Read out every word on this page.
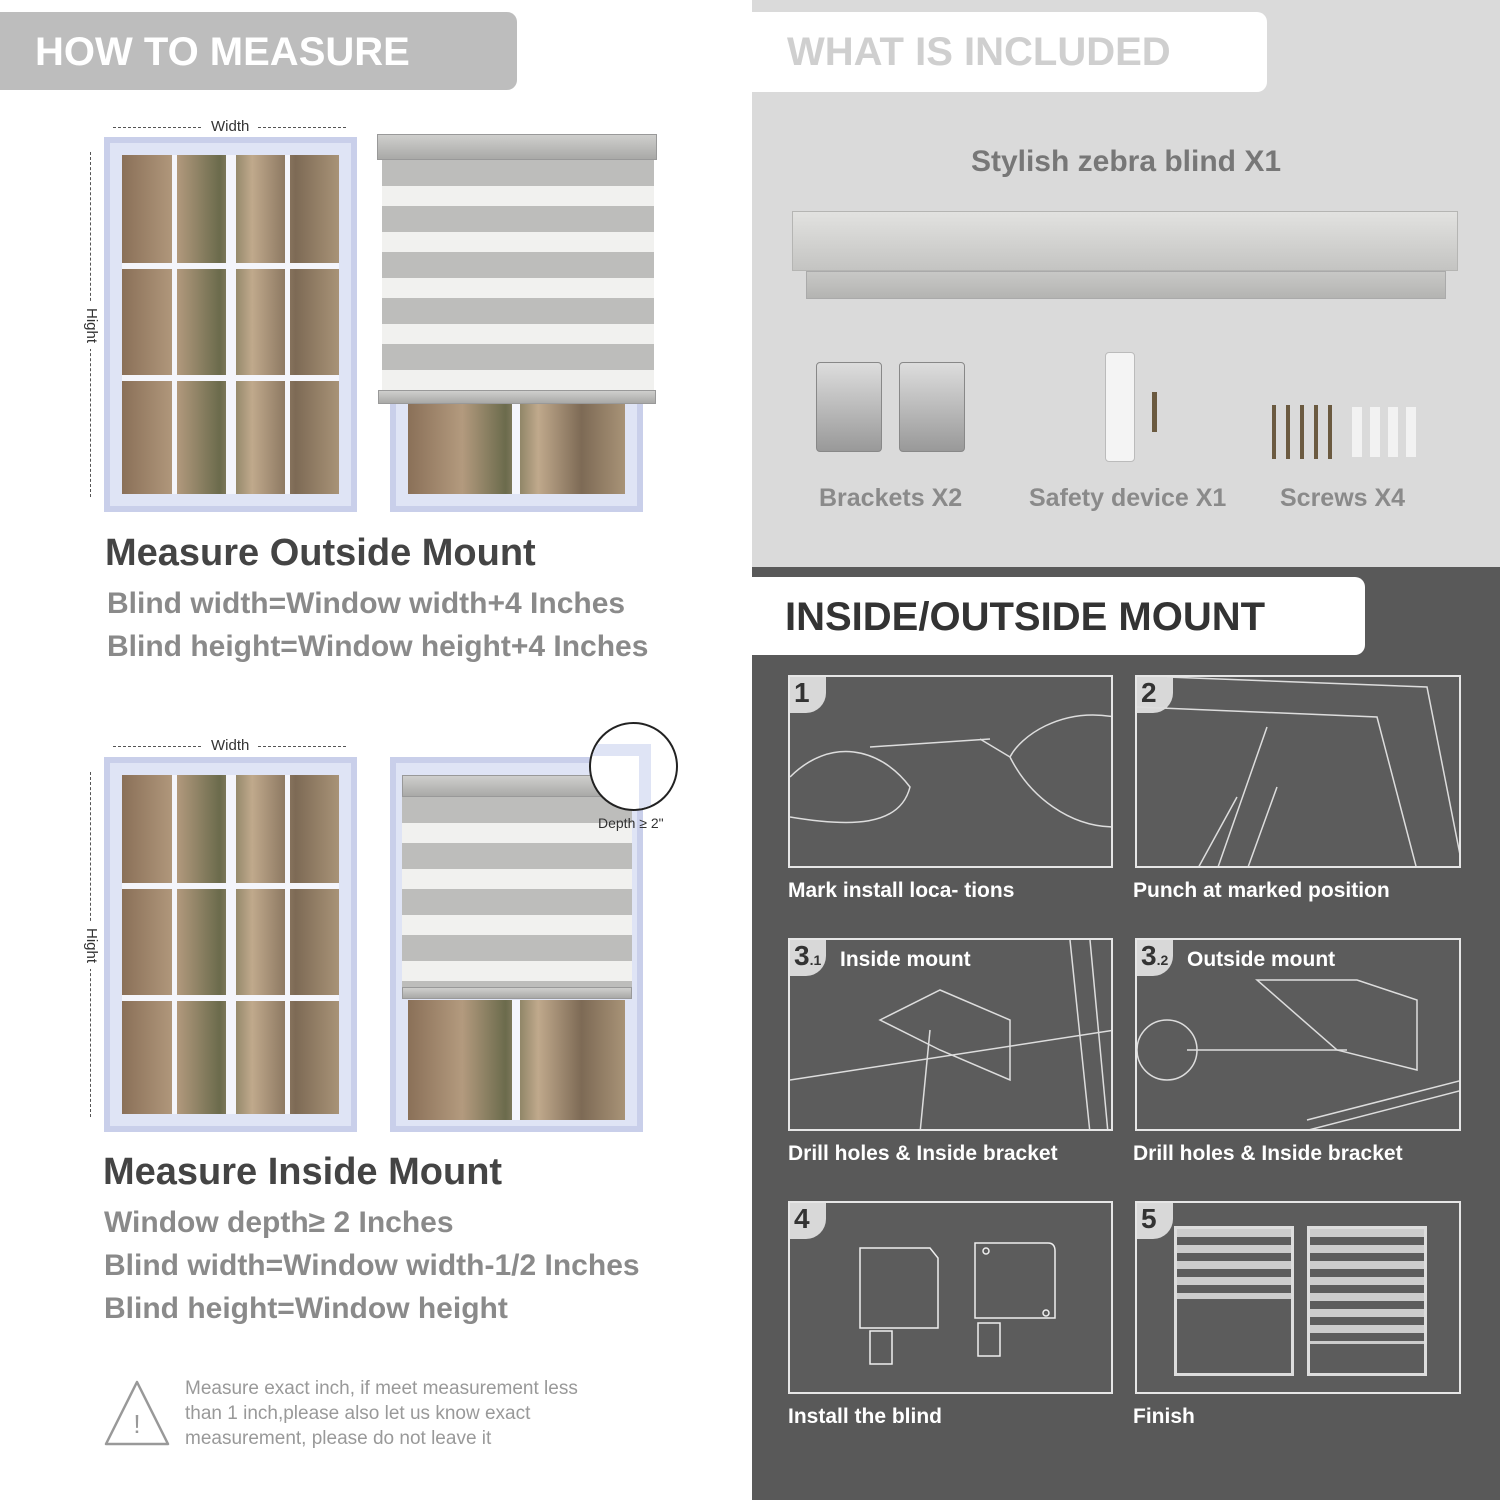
HOW TO MEASURE
Width
Hight
Measure Outside Mount
Blind width=Window width+4 Inches
Blind height=Window height+4 Inches
Width
Hight
Depth ≥ 2"
Measure Inside Mount
Window depth≥ 2 Inches
Blind width=Window width-1/2 Inches
Blind height=Window height
!
Measure exact inch, if meet measurement less
than 1 inch,please also let us know exact
measurement, please do not leave it
WHAT IS INCLUDED
Stylish zebra blind X1
Brackets X2	Safety device X1 Screws X4
INSIDE/OUTSIDE MOUNT
1
Mark install loca- tions
2
Punch at marked position
3.1 Inside mount
Drill holes & Inside bracket
3.2 Outside mount
Drill holes & Inside bracket
4
Install the blind
5
Finish
